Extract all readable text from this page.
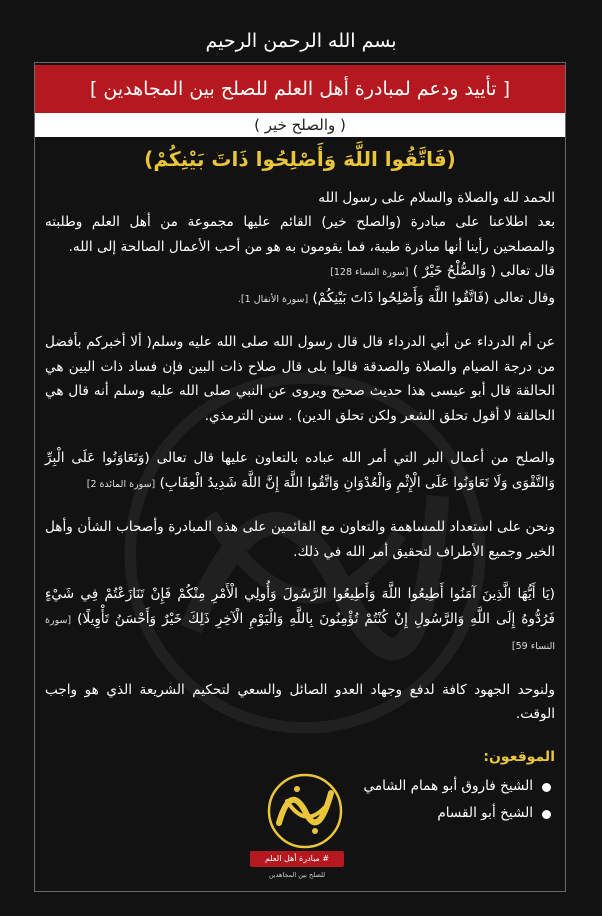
بسم الله الرحمن الرحيم
[ تأييد ودعم لمبادرة أهل العلم للصلح بين المجاهدين ]
( والصلح خير )
(فَاتَّقُوا اللَّهَ وَأَصْلِحُوا ذَاتَ بَيْنِكُمْ)
الحمد لله والصلاة والسلام على رسول الله
بعد اطلاعنا على مبادرة (والصلح خير) القائم عليها مجموعة من أهل العلم وطلبته والمصلحين رأينا أنها مبادرة طيبة، فما يقومون به هو من أحب الأعمال الصالحة إلى الله.
قال تعالى ( وَالصُّلْحُ خَيْرٌ ) [سورة النساء 128]
وقال تعالى (فَاتَّقُوا اللَّهَ وَأَصْلِحُوا ذَاتَ بَيْنِكُمْ) [سورة الأنفال 1].
عن أم الدرداء عن أبي الدرداء قال قال رسول الله صلى الله عليه وسلم( ألا أخبركم بأفضل من درجة الصيام والصلاة والصدقة قالوا بلى قال صلاح ذات البين فإن فساد ذات البين هي الحالقة قال أبو عيسى هذا حديث صحيح ويروى عن النبي صلى الله عليه وسلم أنه قال هي الحالقة لا أقول تحلق الشعر ولكن تحلق الدين) . سنن الترمذي.
والصلح من أعمال البر التي أمر الله عباده بالتعاون عليها قال تعالى (وَتَعَاوَنُوا عَلَى الْبِرِّ وَالتَّقْوَى وَلَا تَعَاوَنُوا عَلَى الْإِثْمِ وَالْعُدْوَانِ وَاتَّقُوا اللَّهَ إِنَّ اللَّهَ شَدِيدُ الْعِقَابِ) [سورة المائدة 2]
ونحن على استعداد للمساهمة والتعاون مع القائمين على هذه المبادرة وأصحاب الشأن وأهل الخير وجميع الأطراف لتحقيق أمر الله في ذلك.
(يَا أَيُّهَا الَّذِينَ آمَنُوا أَطِيعُوا اللَّهَ وَأَطِيعُوا الرَّسُولَ وَأُولِي الْأَمْرِ مِنْكُمْ فَإِنْ تَنَازَعْتُمْ فِي شَيْءٍ فَرُدُّوهُ إِلَى اللَّهِ وَالرَّسُولِ إِنْ كُنْتُمْ تُؤْمِنُونَ بِاللَّهِ وَالْيَوْمِ الْآخِرِ ذَلِكَ خَيْرٌ وَأَحْسَنُ تَأْوِيلًا) [سورة النساء 59]
ولنوحد الجهود كافة لدفع وجهاد العدو الصائل والسعي لتحكيم الشريعة الذي هو واجب الوقت.
الموقعون:
الشيخ فاروق أبو همام الشامي
الشيخ أبو القسام
# مبادرة أهل العلم
للصلح بين المجاهدين
